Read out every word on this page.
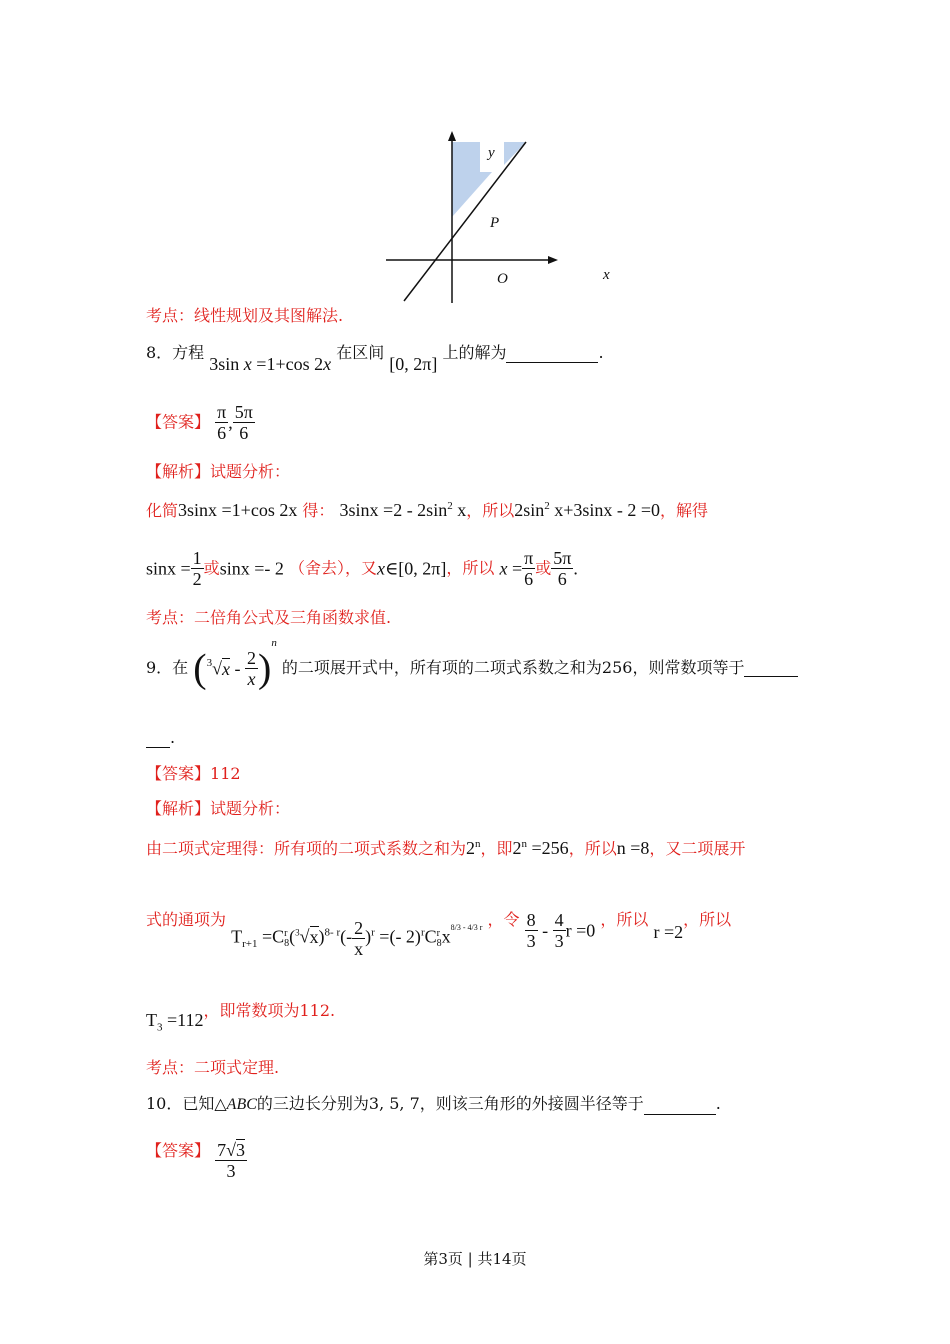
y
P
O	x
考点：线性规划及其图解法.
8．方程 3sin x =1+cos 2x 在区间 [0, 2π] 上的解为	.
【答案】 $\frac{\pi}{6}$ , $\frac{5\pi}{6}$
【解析】试题分析：
化简3sinx =1+cos 2x 得： $3\sin x =2 - 2\sin^2$ x，所以$2\sin^2$ x+3sinx - 2 =0，解得
$\sin x = \frac{1}{2}$ 或sinx =- 2 （舍去），又x∈[0, 2π]，所以 $x = \frac{\pi}{6}$ 或 $\frac{5\pi}{6}$ .
考点：二倍角公式及三角函数求值.
9．在 $(^3√x - \frac{2}{x} )^n$ 的二项展开式中，所有项的二项式系数之和为256，则常数项等于
.
【答案】112
【解析】试题分析：
由二项式定理得：所有项的二项式系数之和为2$^n$，即$2^n =256$，所以n =8，又二项展开
式的通项为 $T_{r+1} =C$ r
8 $(^3√x)^{8- r}(- \frac{2}{x} )^r$ =(- 2)$^r$C r
8 $x^{8/3 - 4/3 r}$ ，令 $\frac{8}{3} - \frac{4}{3}$ r =0 ，所以 r =2，所以
$T_3 =112$，即常数项为112.
考点：二项式定理.
10．已知△ABC的三边长分别为3, 5, 7，则该三角形的外接圆半径等于	.
【答案】 $\frac{7√3}{3}$
第3页 | 共14页
